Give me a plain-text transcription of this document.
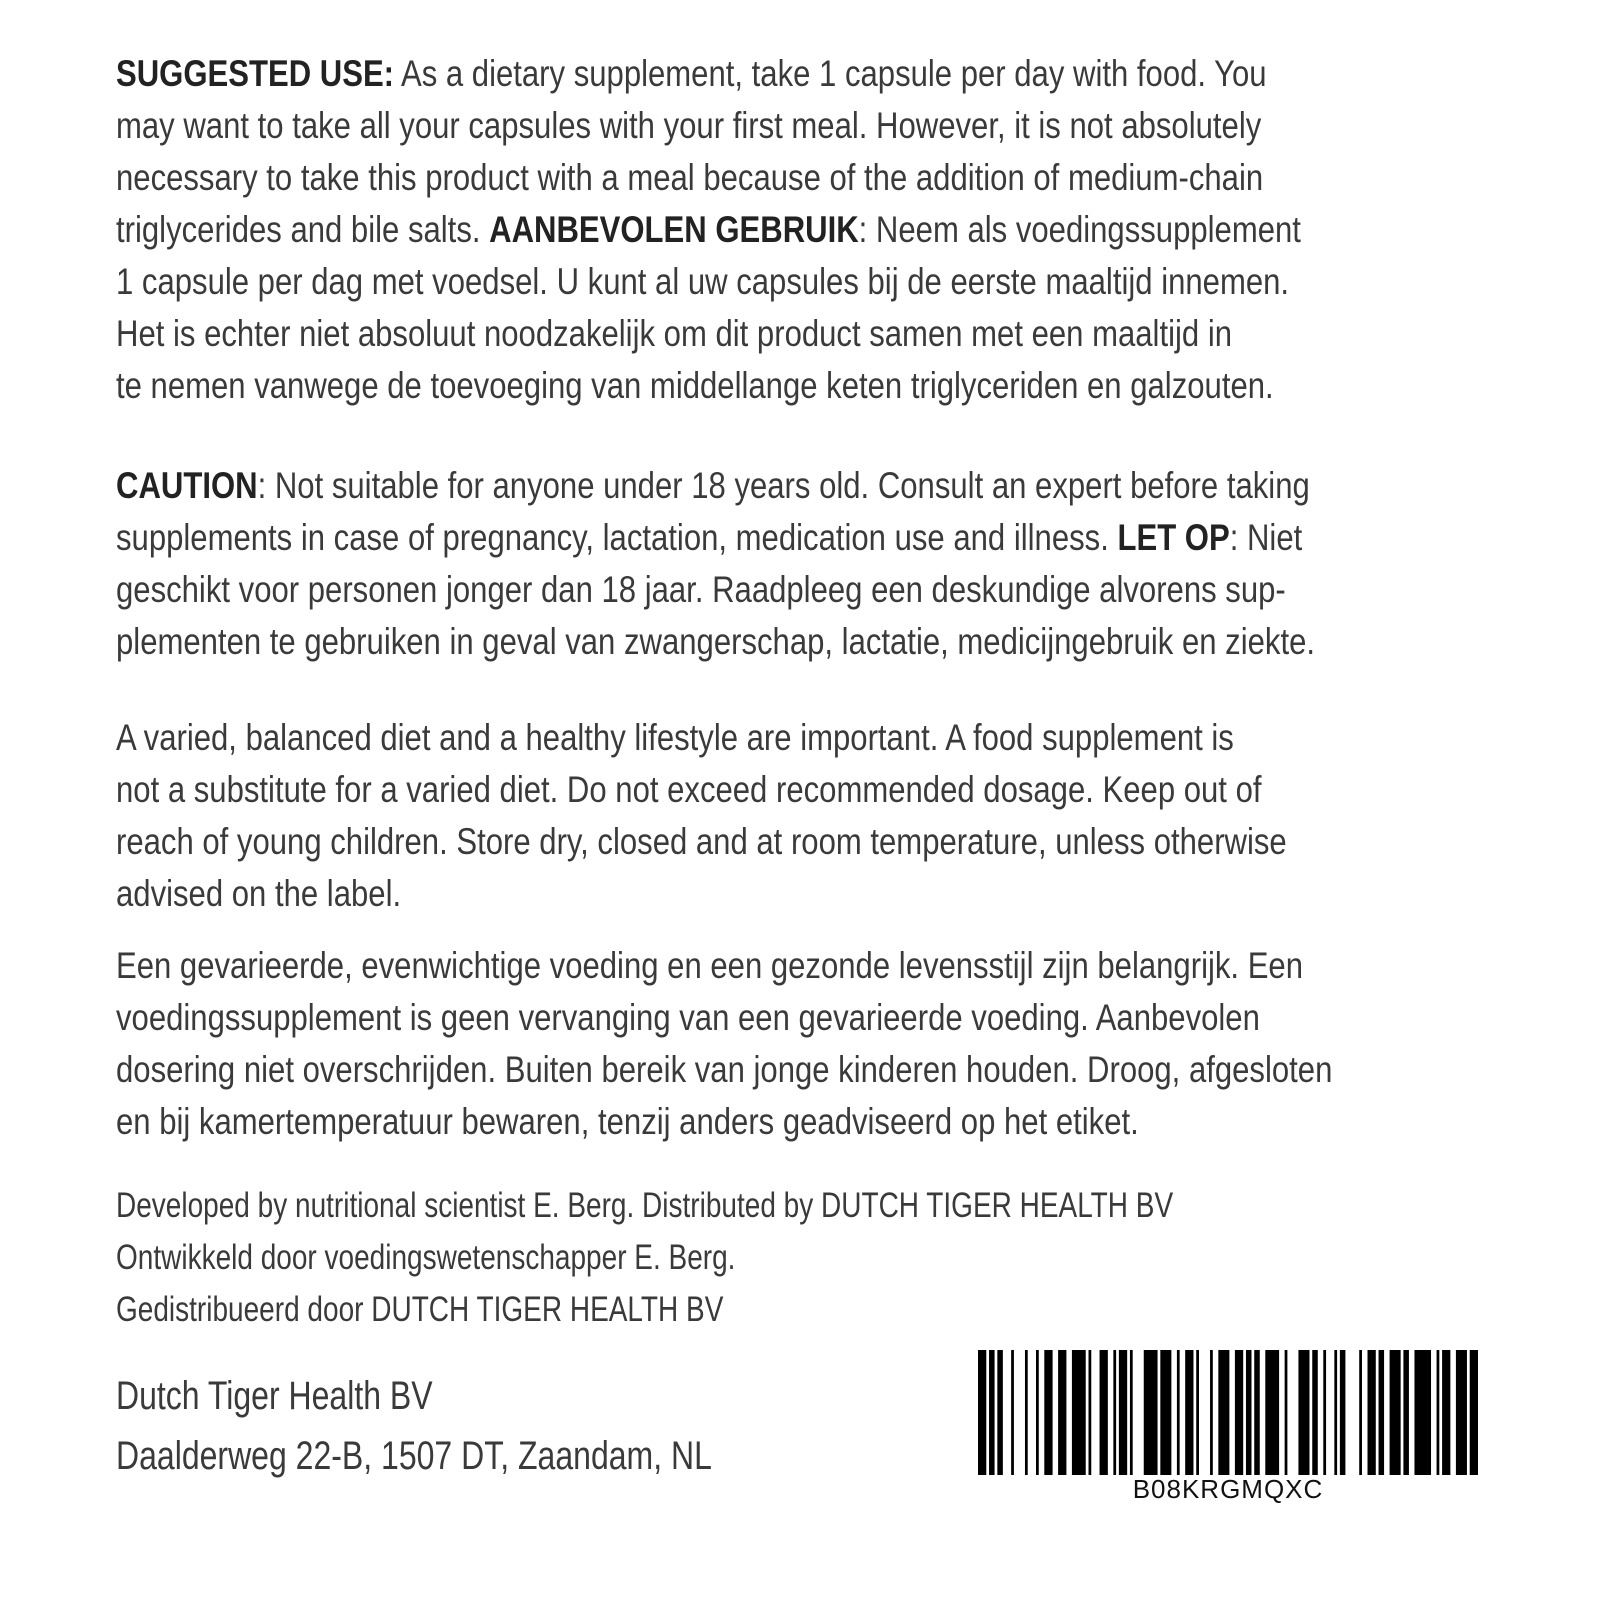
SUGGESTED USE: As a dietary supplement, take 1 capsule per day with food. You
may want to take all your capsules with your first meal. However, it is not absolutely
necessary to take this product with a meal because of the addition of medium-chain
triglycerides and bile salts. AANBEVOLEN GEBRUIK: Neem als voedingssupplement
1 capsule per dag met voedsel. U kunt al uw capsules bij de eerste maaltijd innemen.
Het is echter niet absoluut noodzakelijk om dit product samen met een maaltijd in
te nemen vanwege de toevoeging van middellange keten triglyceriden en galzouten.
CAUTION: Not suitable for anyone under 18 years old. Consult an expert before taking
supplements in case of pregnancy, lactation, medication use and illness. LET OP: Niet
geschikt voor personen jonger dan 18 jaar. Raadpleeg een deskundige alvorens sup-
plementen te gebruiken in geval van zwangerschap, lactatie, medicijngebruik en ziekte.
A varied, balanced diet and a healthy lifestyle are important. A food supplement is
not a substitute for a varied diet. Do not exceed recommended dosage. Keep out of
reach of young children. Store dry, closed and at room temperature, unless otherwise
advised on the label.
Een gevarieerde, evenwichtige voeding en een gezonde levensstijl zijn belangrijk. Een
voedingssupplement is geen vervanging van een gevarieerde voeding. Aanbevolen
dosering niet overschrijden. Buiten bereik van jonge kinderen houden. Droog, afgesloten
en bij kamertemperatuur bewaren, tenzij anders geadviseerd op het etiket.
Developed by nutritional scientist E. Berg. Distributed by DUTCH TIGER HEALTH BV
Ontwikkeld door voedingswetenschapper E. Berg.
Gedistribueerd door DUTCH TIGER HEALTH BV
Dutch Tiger Health BV
Daalderweg 22-B, 1507 DT, Zaandam, NL
B08KRGMQXC
